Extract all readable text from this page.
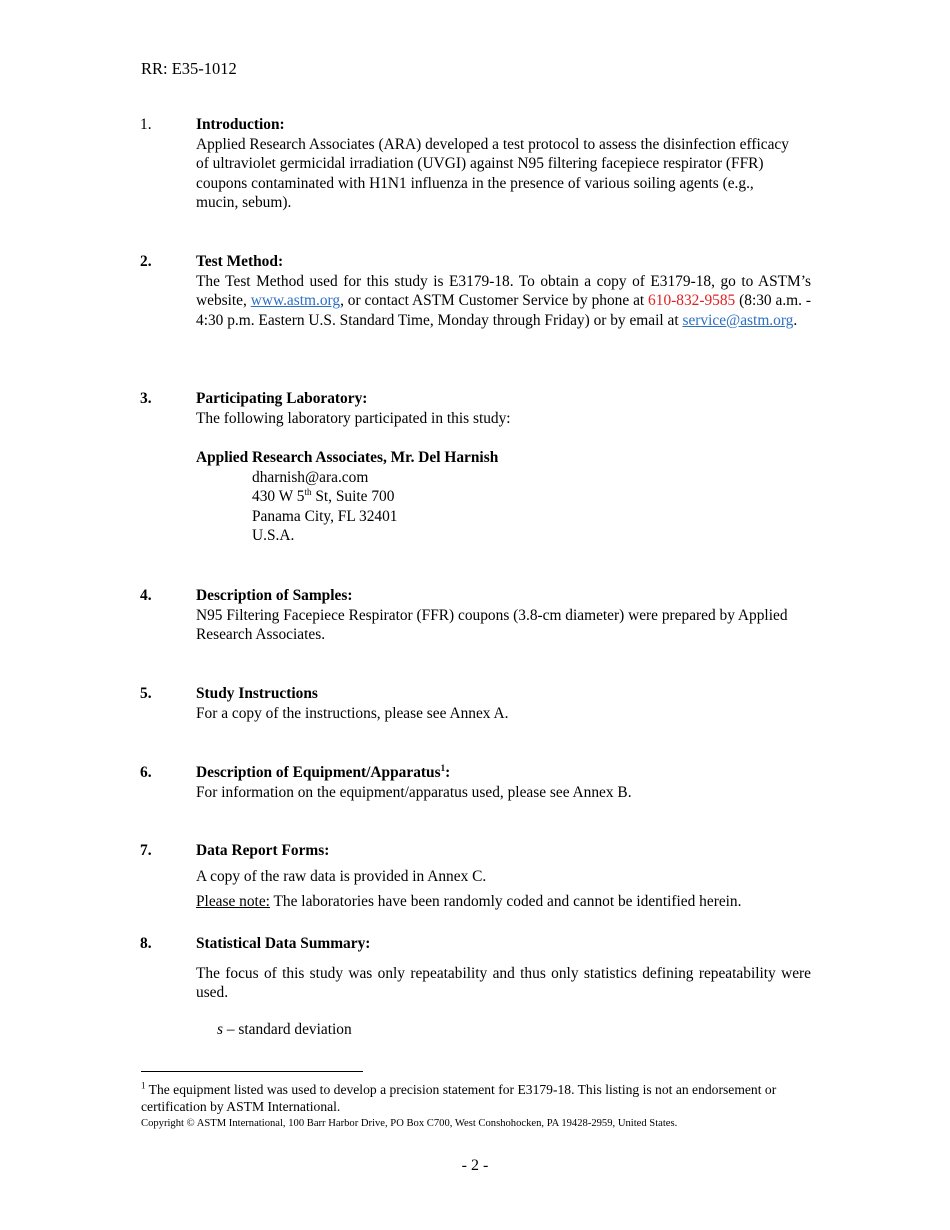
RR: E35-1012
1.	Introduction:
Applied Research Associates (ARA) developed a test protocol to assess the disinfection efficacy of ultraviolet germicidal irradiation (UVGI) against N95 filtering facepiece respirator (FFR) coupons contaminated with H1N1 influenza in the presence of various soiling agents (e.g., mucin, sebum).
2.	Test Method:
The Test Method used for this study is E3179-18. To obtain a copy of E3179-18, go to ASTM’s website, www.astm.org, or contact ASTM Customer Service by phone at 610-832-9585 (8:30 a.m. - 4:30 p.m. Eastern U.S. Standard Time, Monday through Friday) or by email at service@astm.org.
3.	Participating Laboratory:
The following laboratory participated in this study:
Applied Research Associates, Mr. Del Harnish
dharnish@ara.com
430 W 5th St, Suite 700
Panama City, FL 32401
U.S.A.
4.	Description of Samples:
N95 Filtering Facepiece Respirator (FFR) coupons (3.8-cm diameter) were prepared by Applied Research Associates.
5.	Study Instructions
For a copy of the instructions, please see Annex A.
6.	Description of Equipment/Apparatus$^1$:
For information on the equipment/apparatus used, please see Annex B.
7.	Data Report Forms:
A copy of the raw data is provided in Annex C.
Please note: The laboratories have been randomly coded and cannot be identified herein.
8.	Statistical Data Summary:
The focus of this study was only repeatability and thus only statistics defining repeatability were used.
s – standard deviation
$^1$ The equipment listed was used to develop a precision statement for E3179-18. This listing is not an endorsement or certification by ASTM International.
Copyright © ASTM International, 100 Barr Harbor Drive, PO Box C700, West Conshohocken, PA 19428-2959, United States.
- 2 -
